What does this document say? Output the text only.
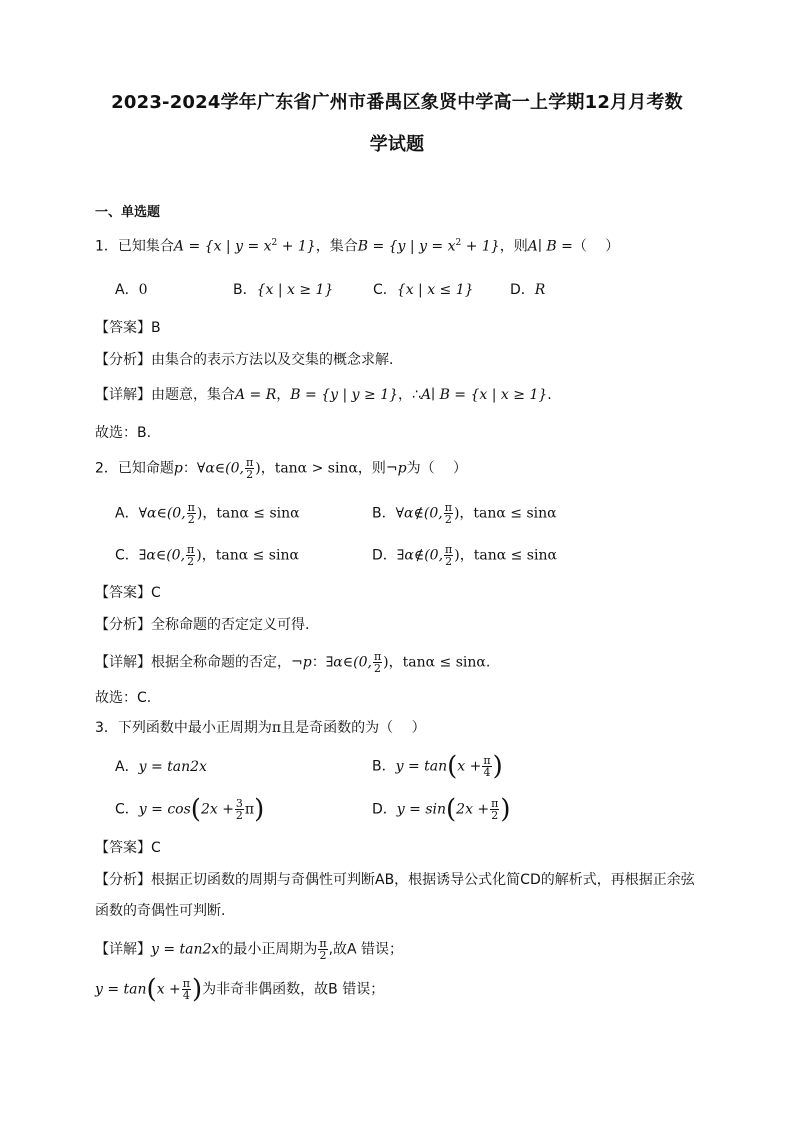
2023-2024学年广东省广州市番禺区象贤中学高一上学期12月月考数
学试题
一、单选题
1．已知集合A = {x | $y = x^2 + 1$}，集合B = {y | $y = x^2 + 1$}，则A∣ B =（　 ）
A．0	B．{x | x ≥ 1}	C．{x | x ≤ 1}	D．R
【答案】B
【分析】由集合的表示方法以及交集的概念求解.
【详解】由题意，集合A = R，B = {y | y ≥ 1}，∴A∣ B = {x | x ≥ 1}.
故选：B.
2．已知命题p：∀α∈(0, $\frac{\pi}{2}$ )，tanα > sinα，则¬p为（　 ）
A．∀α∈(0, $\frac{\pi}{2}$ )，tanα ≤ sinα	B．∀α∉(0, $\frac{\pi}{2}$ )，tanα ≤ sinα
C．∃α∈(0, $\frac{\pi}{2}$ )，tanα ≤ sinα	D．∃α∉(0, $\frac{\pi}{2}$ )，tanα ≤ sinα
【答案】C
【分析】全称命题的否定定义可得.
【详解】根据全称命题的否定，¬p：∃α∈(0, $\frac{\pi}{2}$ )，tanα ≤ sinα.
故选：C.
3．下列函数中最小正周期为π且是奇函数的为（　 ）
A．y = tan2x	B．$y = \tan(x + \frac{\pi}{4}$ )
C．$y = \cos(2x + \frac{3}{2} \pi)$	D．$y = \sin(2x + \frac{\pi}{2}$ )
【答案】C
【分析】根据正切函数的周期与奇偶性可判断AB，根据诱导公式化简CD的解析式，再根据正余弦
函数的奇偶性可判断.
【详解】y = tan2x的最小正周期为 $\frac{\pi}{2}$ ,故A 错误；
$y = \tan(x + \frac{\pi}{4}$ )为非奇非偶函数，故B 错误；
